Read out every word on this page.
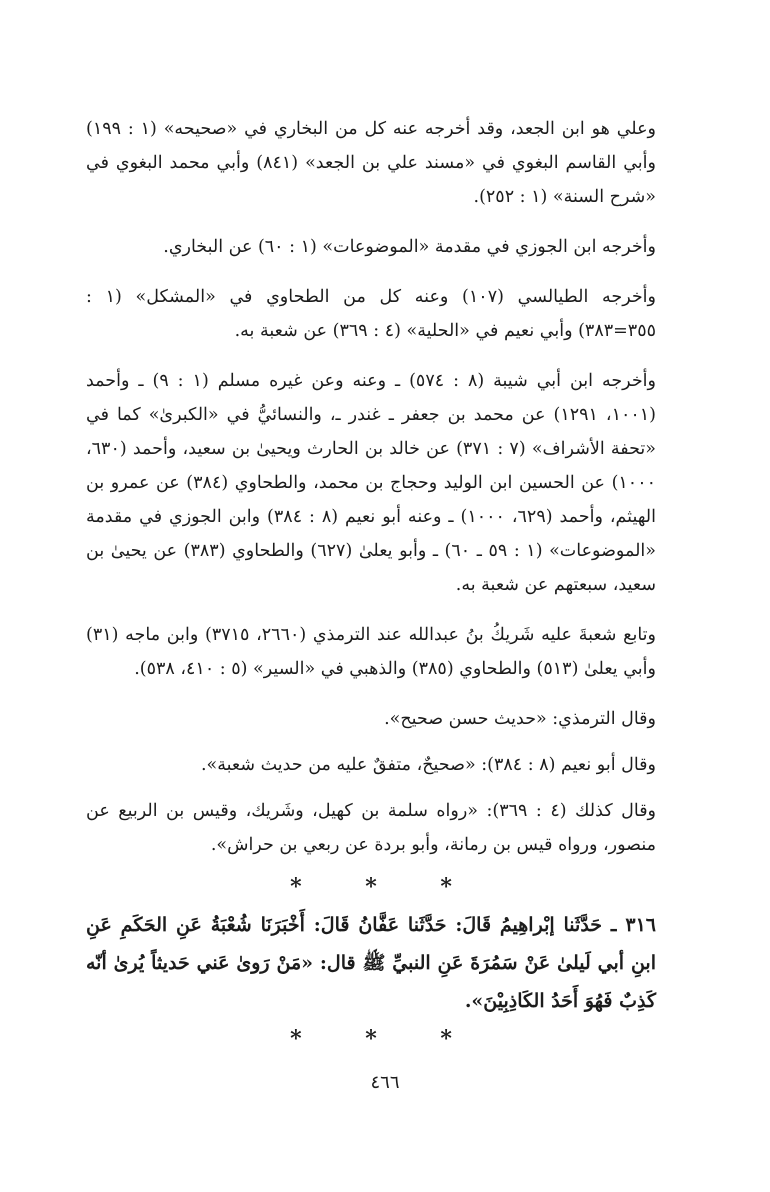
وعلي هو ابن الجعد، وقد أخرجه عنه كل من البخاري في «صحيحه» (١ : ١٩٩) وأبي القاسم البغوي في «مسند علي بن الجعد» (٨٤١) وأبي محمد البغوي في «شرح السنة» (١ : ٢٥٢).

وأخرجه ابن الجوزي في مقدمة «الموضوعات» (١ : ٦٠) عن البخاري.

وأخرجه الطيالسي (١٠٧) وعنه كل من الطحاوي في «المشكل» (١ : ٣٥٥=٣٨٣) وأبي نعيم في «الحلية» (٤ : ٣٦٩) عن شعبة به.

وأخرجه ابن أبي شيبة (٨ : ٥٧٤) ـ وعنه وعن غيره مسلم (١ : ٩) ـ وأحمد (١٠٠١، ١٢٩١) عن محمد بن جعفر ـ غندر ـ، والنسائيُّ في «الكبرىٰ» كما في «تحفة الأشراف» (٧ : ٣٧١) عن خالد بن الحارث ويحيىٰ بن سعيد، وأحمد (٦٣٠، ١٠٠٠) عن الحسين ابن الوليد وحجاج بن محمد، والطحاوي (٣٨٤) عن عمرو بن الهيثم، وأحمد (٦٢٩، ١٠٠٠) ـ وعنه أبو نعيم (٨ : ٣٨٤) وابن الجوزي في مقدمة «الموضوعات» (١ : ٥٩ ـ ٦٠) ـ وأبو يعلىٰ (٦٢٧) والطحاوي (٣٨٣) عن يحيىٰ بن سعيد، سبعتهم عن شعبة به.

وتابع شعبةَ عليه شَريكُ بنُ عبدالله عند الترمذي (٢٦٦٠، ٣٧١٥) وابن ماجه (٣١) وأبي يعلىٰ (٥١٣) والطحاوي (٣٨٥) والذهبي في «السير» (٥ : ٤١٠، ٥٣٨).

وقال الترمذي: «حديث حسن صحيح».

وقال أبو نعيم (٨ : ٣٨٤): «صحيحٌ، متفقٌ عليه من حديث شعبة».

وقال كذلك (٤ : ٣٦٩): «رواه سلمة بن كهيل، وشَريك، وقيس بن الربيع عن منصور، ورواه قيس بن رمانة، وأبو بردة عن ربعي بن حراش».

* * *

٣١٦ ـ حَدَّثَنا إبْراهِيمُ قَالَ: حَدَّثَنا عَفَّانُ قَالَ: أَخْبَرَنَا شُعْبَةُ عَنِ الحَكَمِ عَنِ ابنِ أبي لَيلىٰ عَنْ سَمُرَةَ عَنِ النبيِّ ﷺ قال: «مَنْ رَوىٰ عَني حَديثاً يُرىٰ أنّه كَذِبٌ فَهُوَ أَحَدُ الكَاذِبِيْنَ».

* * *
٤٦٦
